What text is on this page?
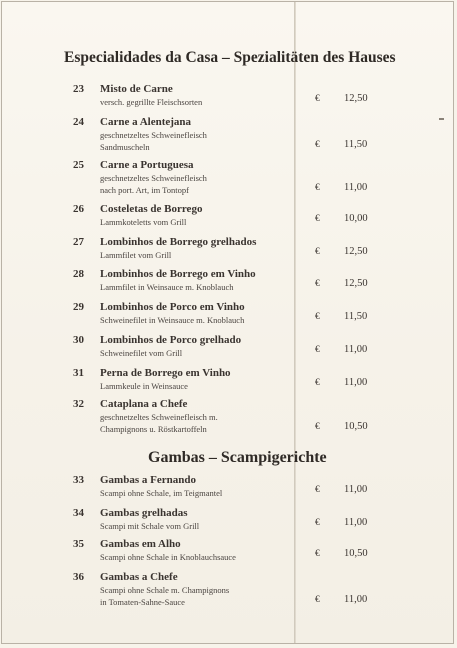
Especialidades da Casa – Spezialitäten des Hauses
Gambas – Scampigerichte
23 Misto de Carne
versch. gegrillte Fleischsorten	€ 12,50
24 Carne a Alentejana
geschnetzeltes Schweinefleisch
Sandmuscheln	€ 11,50
25 Carne a Portuguesa
geschnetzeltes Schweinefleisch
nach port. Art, im Tontopf	€ 11,00
26 Costeletas de Borrego
Lammkoteletts vom Grill	€ 10,00
27 Lombinhos de Borrego grelhados
Lammfilet vom Grill	€ 12,50
28 Lombinhos de Borrego em Vinho
Lammfilet in Weinsauce m. Knoblauch	€ 12,50
29 Lombinhos de Porco em Vinho
Schweinefilet in Weinsauce m. Knoblauch	€ 11,50
30 Lombinhos de Porco grelhado
Schweinefilet vom Grill	€ 11,00
31 Perna de Borrego em Vinho
Lammkeule in Weinsauce	€ 11,00
32 Cataplana a Chefe
geschnetzeltes Schweinefleisch m.
Champignons u. Röstkartoffeln	€ 10,50
33 Gambas a Fernando
Scampi ohne Schale, im Teigmantel	€ 11,00
34 Gambas grelhadas
Scampi mit Schale vom Grill	€ 11,00
35 Gambas em Alho
Scampi ohne Schale in Knoblauchsauce	€ 10,50
36 Gambas a Chefe
Scampi ohne Schale m. Champignons
in Tomaten-Sahne-Sauce	€ 11,00
